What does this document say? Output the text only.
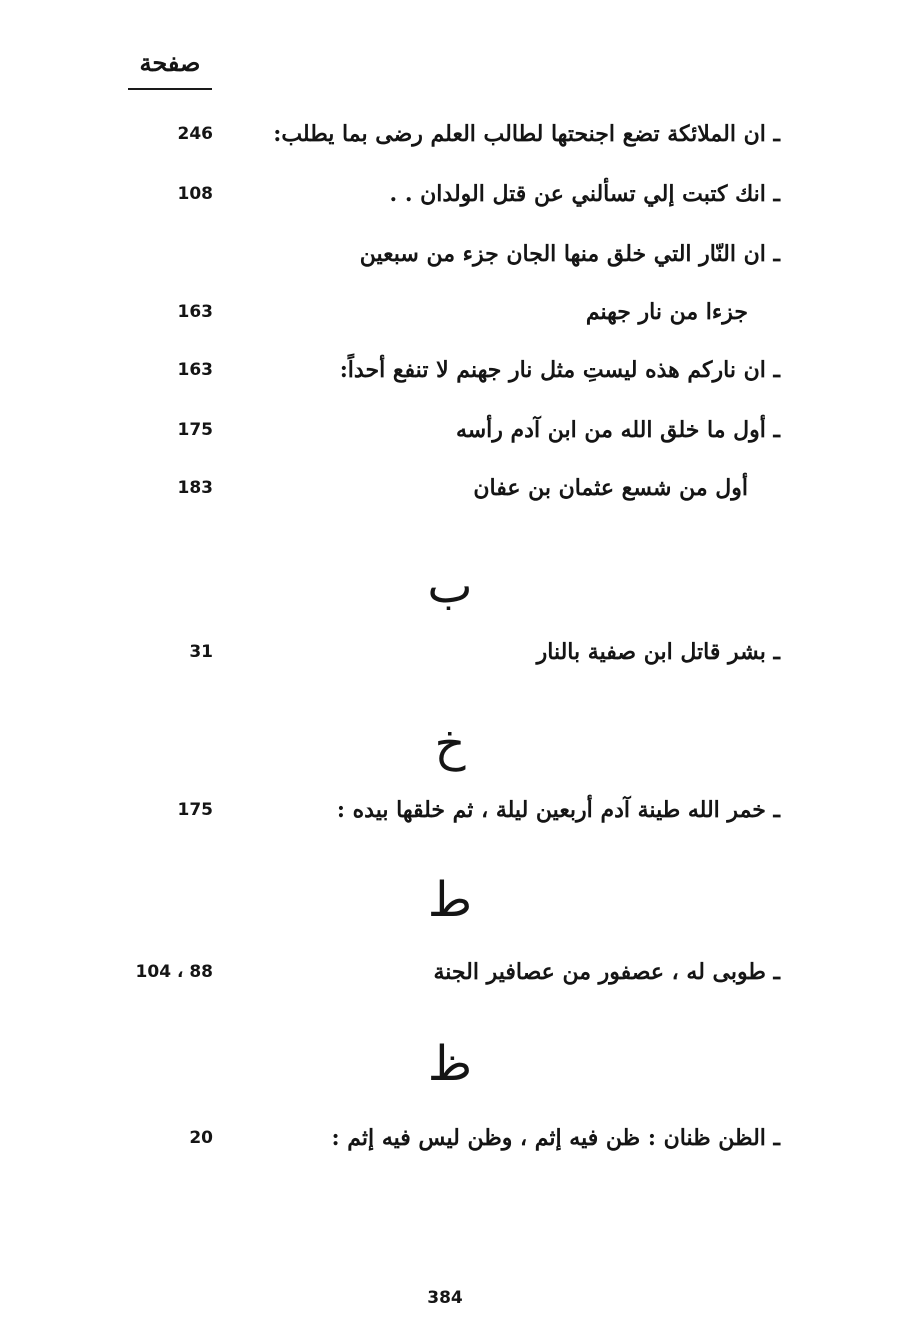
صفحة
ـ ان الملائكة تضع اجنحتها لطالب العلم رضى بما يطلب:
246
ـ انك كتبت إلي تسألني عن قتل الولدان . .
108
ـ ان النّار التي خلق منها الجان جزء من سبعين
جزءا من نار جهنم
163
ـ ان ناركم هذه ليستِ مثل نار جهنم لا تنفع أحداً:
163
ـ أول ما خلق الله من ابن آدم رأسه
175
أول من شسع عثمان بن عفان
183
ب
ـ بشر قاتل ابن صفية بالنار
31
خ
ـ خمر الله طينة آدم أربعين ليلة ، ثم خلقها بيده :
175
ط
ـ طوبى له ، عصفور من عصافير الجنة
104 ، 88
ظ
ـ الظن ظنان : ظن فيه إثم ، وظن ليس فيه إثم :
20
384
